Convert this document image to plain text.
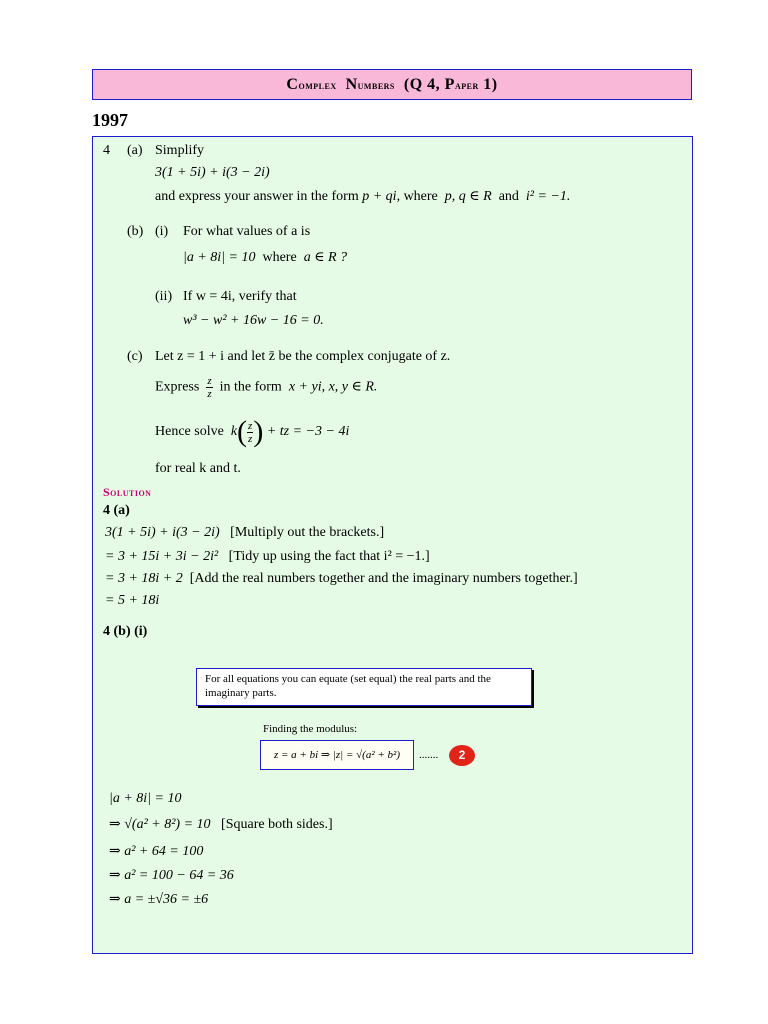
Complex Numbers (Q 4, Paper 1)
1997
4 (a) Simplify
3(1 + 5i) + i(3 − 2i)
and express your answer in the form p + qi, where p, q ∈ R and i² = −1.
(b) (i) For what values of a is
|a + 8i| = 10 where a ∈ R ?
(ii) If w = 4i, verify that
w³ − w² + 16w − 16 = 0.
(c) Let z = 1 + i and let z̄ be the complex conjugate of z.
Express $\frac{z}{z}$ in the form x + yi, x, y ∈ R.
Hence solve $k( \frac{z}{z}$ ) + tz = −3 − 4i
for real k and t.
Solution
4 (a)
3(1 + 5i) + i(3 − 2i) [Multiply out the brackets.]
= 3 + 15i + 3i − 2i² [Tidy up using the fact that i² = −1.]
= 3 + 18i + 2 [Add the real numbers together and the imaginary numbers together.]
= 5 + 18i
4 (b) (i)
For all equations you can equate (set equal) the real parts and the imaginary parts.
Finding the modulus:
z = a + bi ⇒ |z| = √(a² + b²)	.......	2
|a + 8i| = 10
⇒ √(a² + 8²) = 10 [Square both sides.]
⇒ a² + 64 = 100
⇒ a² = 100 − 64 = 36
⇒ a = ±√36 = ±6
